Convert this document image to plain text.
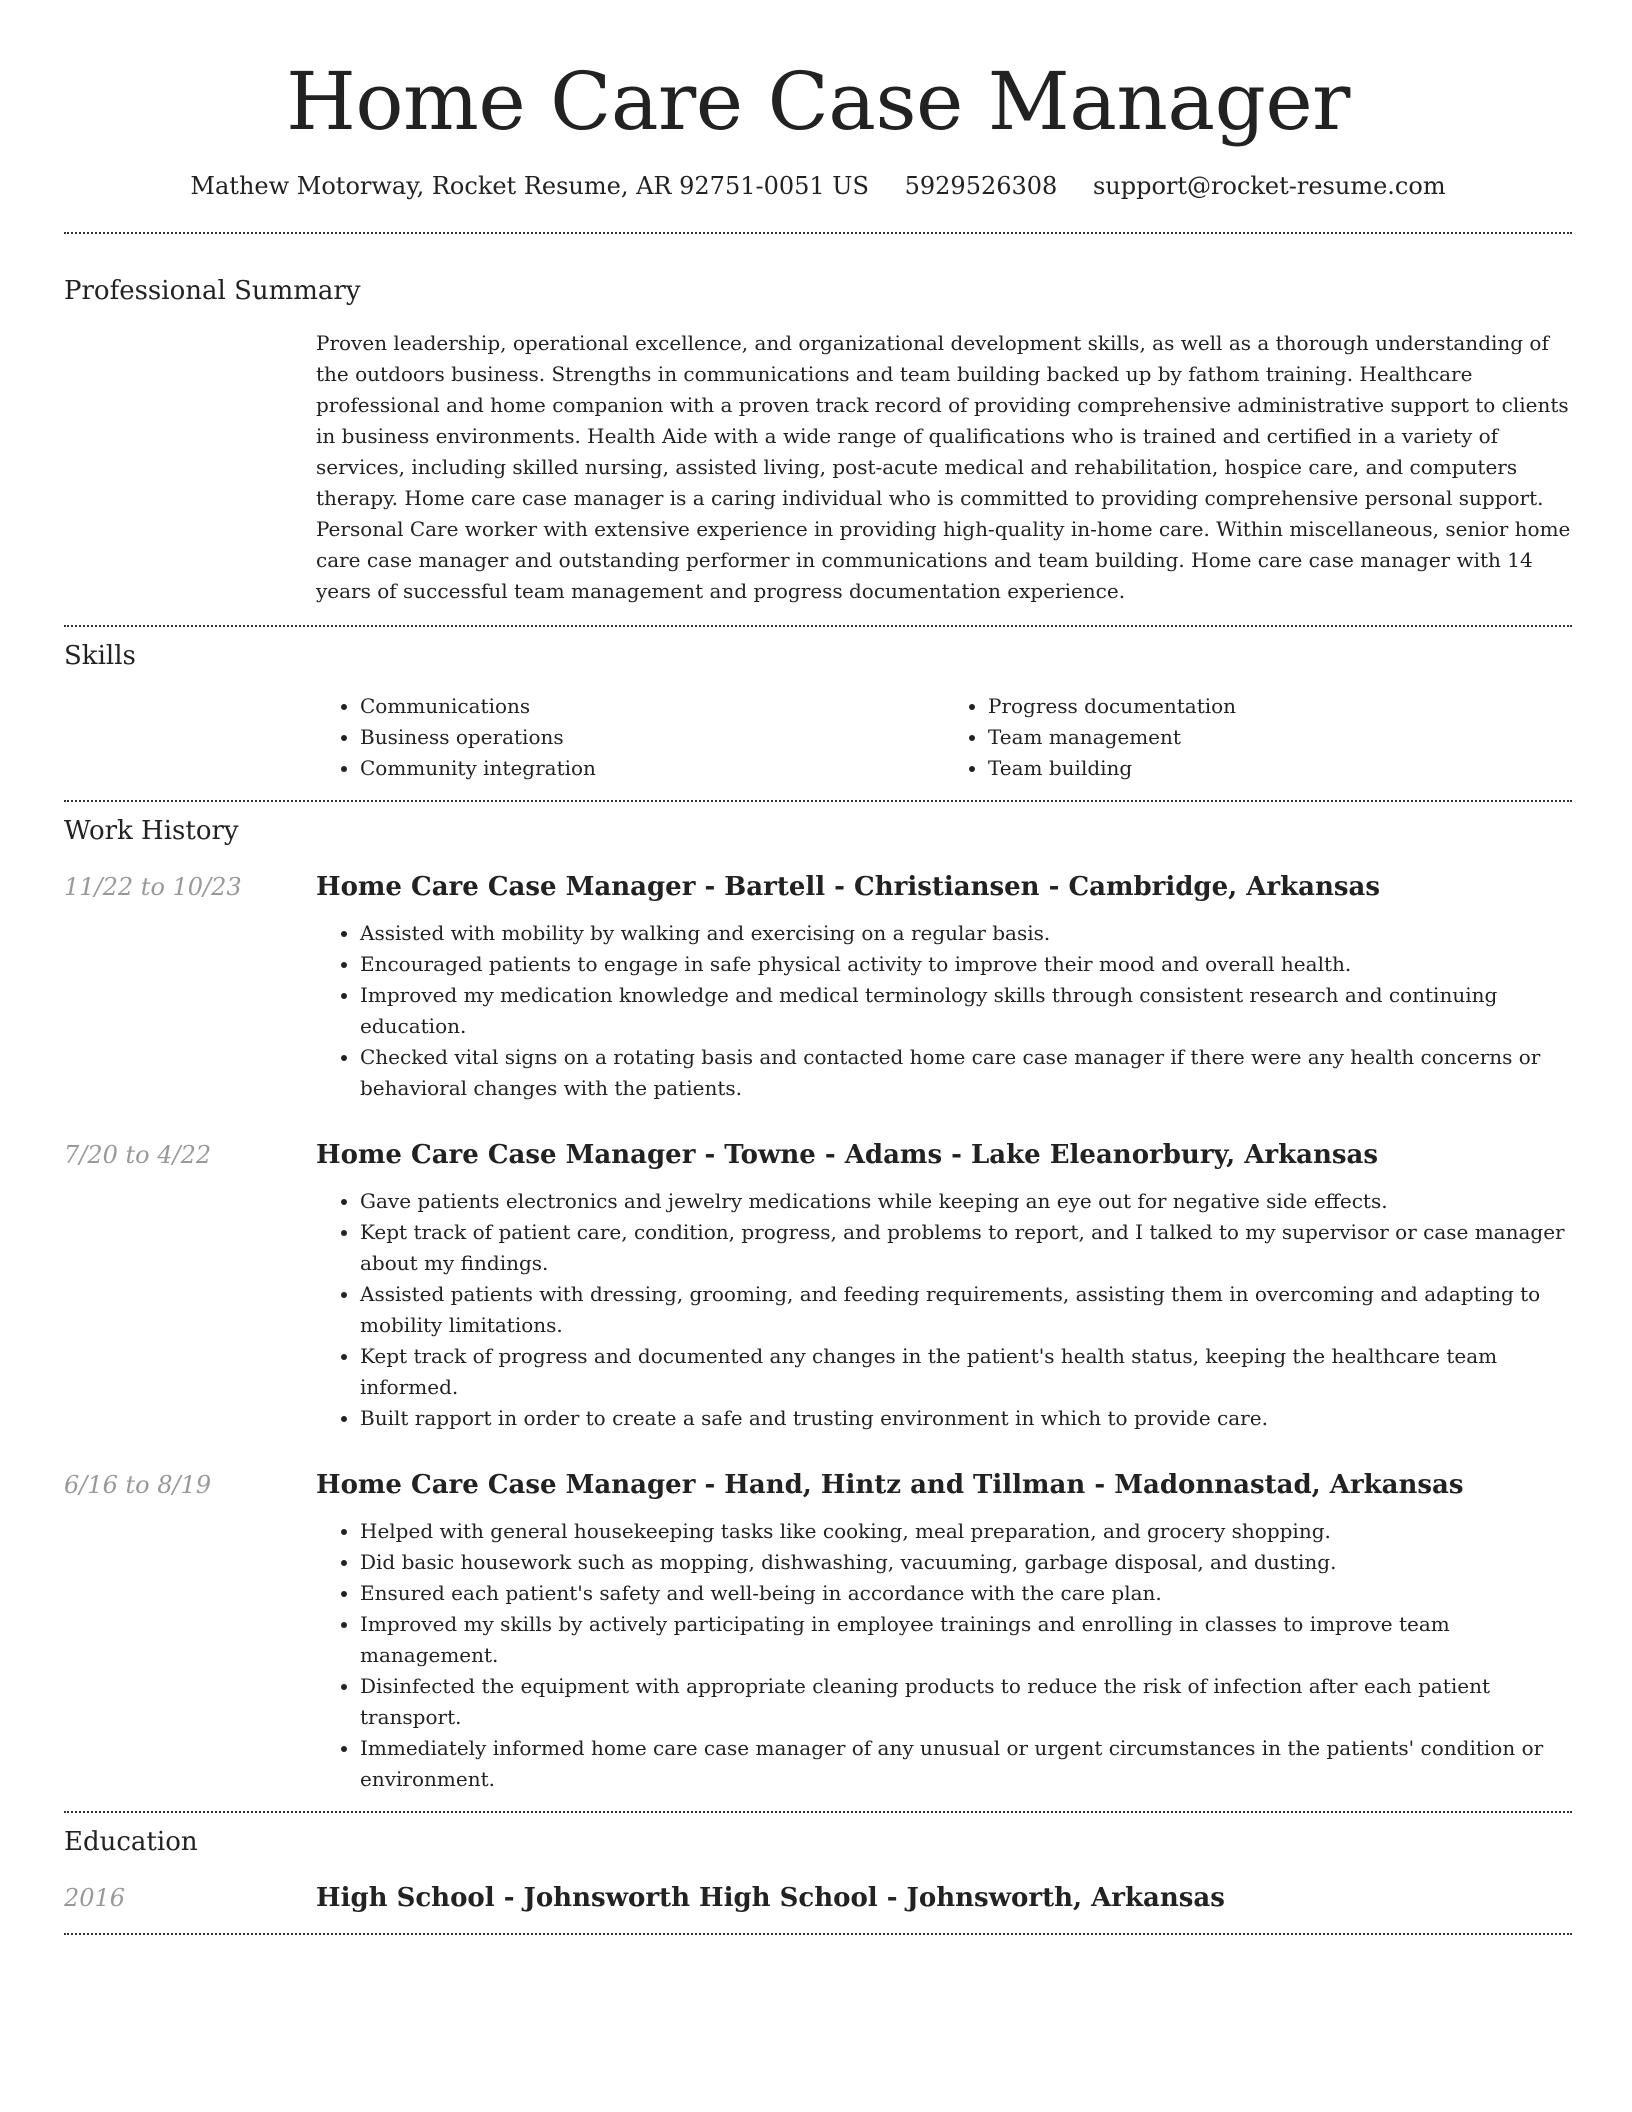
Home Care Case Manager
Mathew Motorway, Rocket Resume, AR 92751-0051 US 5929526308 support@rocket-resume.com
Professional Summary

Proven leadership, operational excellence, and organizational development skills, as well as a thorough understanding of the outdoors business. Strengths in communications and team building backed up by fathom training. Healthcare professional and home companion with a proven track record of providing comprehensive administrative support to clients in business environments. Health Aide with a wide range of qualifications who is trained and certified in a variety of services, including skilled nursing, assisted living, post-acute medical and rehabilitation, hospice care, and computers therapy. Home care case manager is a caring individual who is committed to providing comprehensive personal support. Personal Care worker with extensive experience in providing high-quality in-home care. Within miscellaneous, senior home care case manager and outstanding performer in communications and team building. Home care case manager with 14 years of successful team management and progress documentation experience.

Skills
• Communications
• Business operations
• Community integration
• Progress documentation
• Team management
• Team building
Work History
11/22 to 10/23	Home Care Case Manager - Bartell - Christiansen - Cambridge, Arkansas
• Assisted with mobility by walking and exercising on a regular basis.
• Encouraged patients to engage in safe physical activity to improve their mood and overall health.
• Improved my medication knowledge and medical terminology skills through consistent research and continuing education.
• Checked vital signs on a rotating basis and contacted home care case manager if there were any health concerns or behavioral changes with the patients.
7/20 to 4/22	Home Care Case Manager - Towne - Adams - Lake Eleanorbury, Arkansas
• Gave patients electronics and jewelry medications while keeping an eye out for negative side effects.
• Kept track of patient care, condition, progress, and problems to report, and I talked to my supervisor or case manager about my findings.
• Assisted patients with dressing, grooming, and feeding requirements, assisting them in overcoming and adapting to mobility limitations.
• Kept track of progress and documented any changes in the patient's health status, keeping the healthcare team informed.
• Built rapport in order to create a safe and trusting environment in which to provide care.
6/16 to 8/19	Home Care Case Manager - Hand, Hintz and Tillman - Madonnastad, Arkansas
• Helped with general housekeeping tasks like cooking, meal preparation, and grocery shopping.
• Did basic housework such as mopping, dishwashing, vacuuming, garbage disposal, and dusting.
• Ensured each patient's safety and well-being in accordance with the care plan.
• Improved my skills by actively participating in employee trainings and enrolling in classes to improve team management.
• Disinfected the equipment with appropriate cleaning products to reduce the risk of infection after each patient transport.
• Immediately informed home care case manager of any unusual or urgent circumstances in the patients' condition or environment.
Education
2016	High School - Johnsworth High School - Johnsworth, Arkansas
